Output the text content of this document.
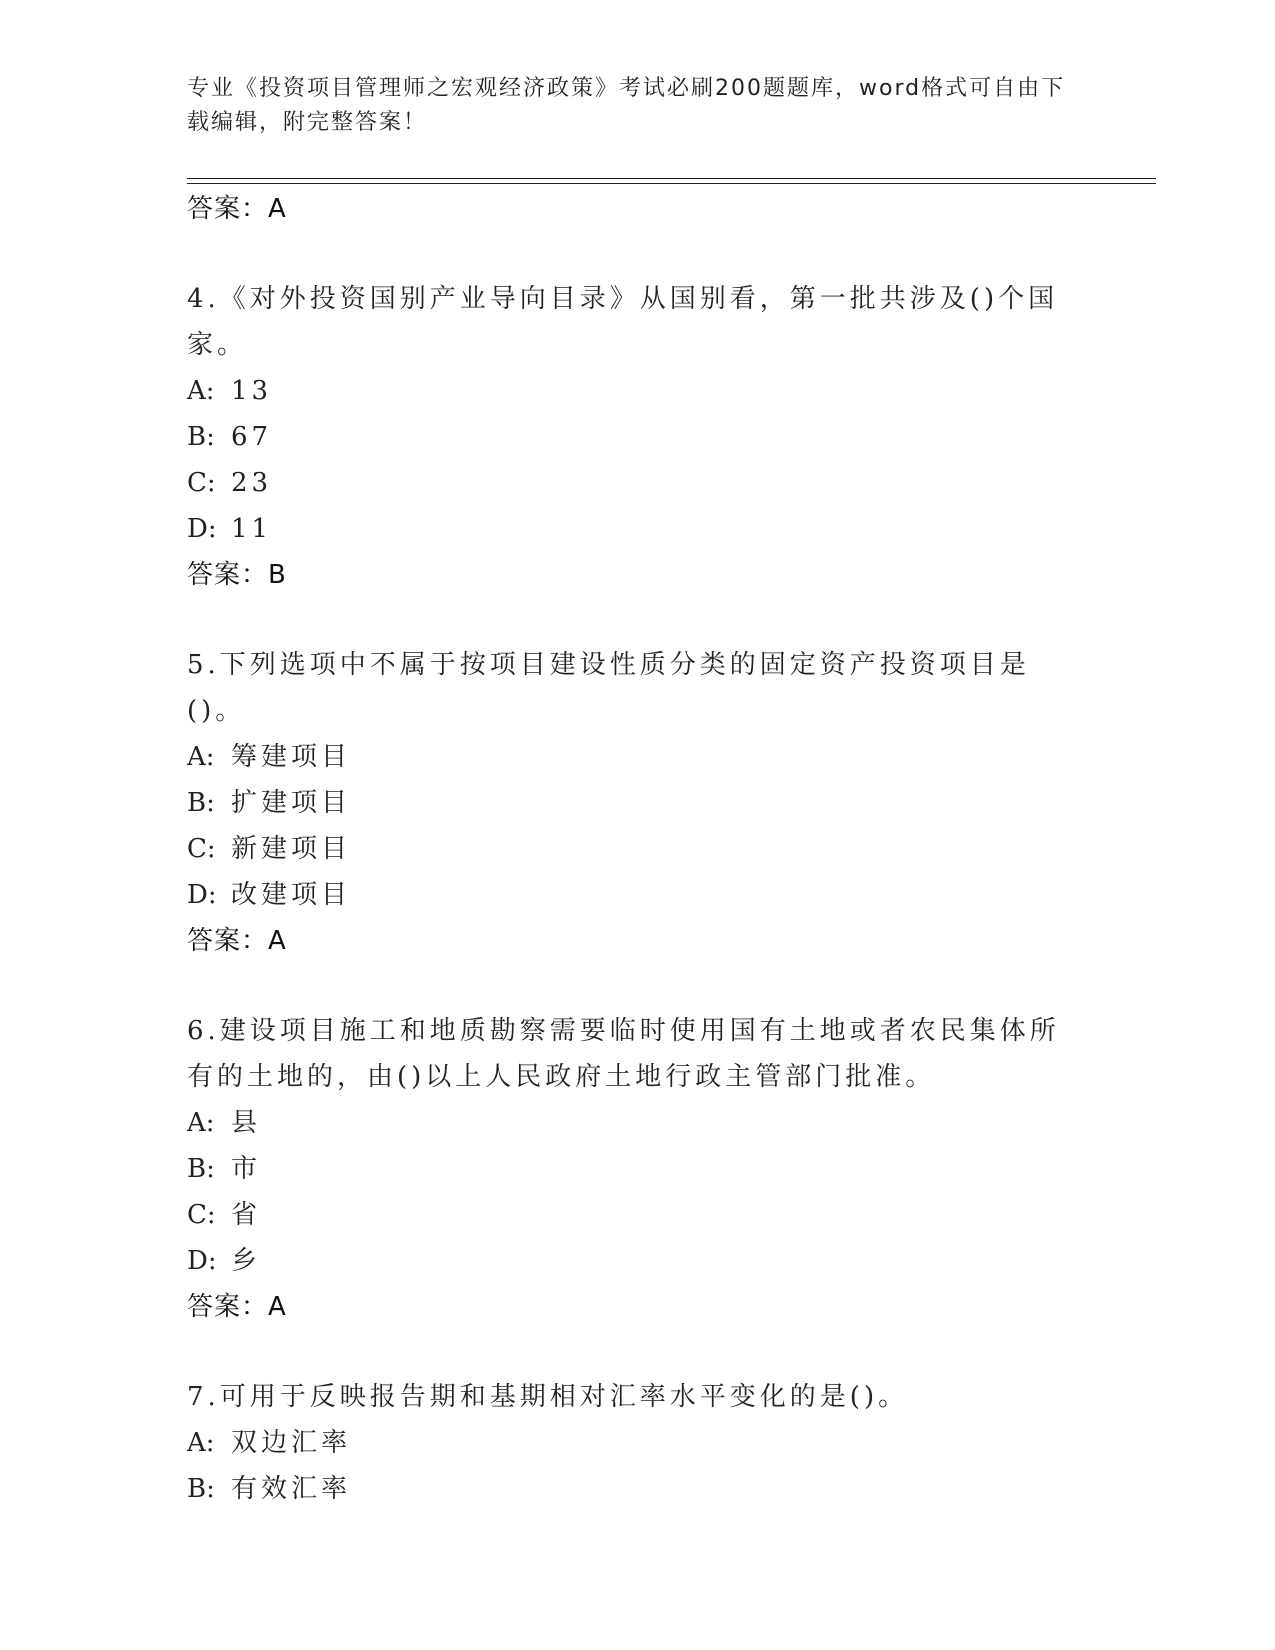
专业《投资项目管理师之宏观经济政策》考试必刷200题题库，word格式可自由下载编辑，附完整答案！
答案：A
4.《对外投资国别产业导向目录》从国别看，第一批共涉及()个国家。
A: 13
B: 67
C: 23
D: 11
答案：B
5.下列选项中不属于按项目建设性质分类的固定资产投资项目是()。
A: 筹建项目
B: 扩建项目
C: 新建项目
D: 改建项目
答案：A
6.建设项目施工和地质勘察需要临时使用国有土地或者农民集体所有的土地的，由()以上人民政府土地行政主管部门批准。
A: 县
B: 市
C: 省
D: 乡
答案：A
7.可用于反映报告期和基期相对汇率水平变化的是()。
A: 双边汇率
B: 有效汇率
